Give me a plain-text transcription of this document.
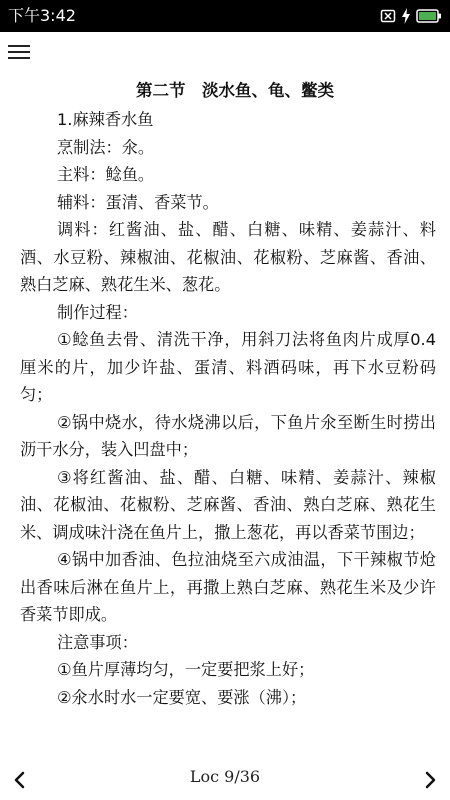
下午3:42
第二节　淡水鱼、龟、鳖类

1.麻辣香水鱼

烹制法：氽。

主料：鲶鱼。

辅料：蛋清、香菜节。

调料：红酱油、盐、醋、白糖、味精、姜蒜汁、料酒、水豆粉、辣椒油、花椒油、花椒粉、芝麻酱、香油、熟白芝麻、熟花生米、葱花。

制作过程：

①鲶鱼去骨、清洗干净，用斜刀法将鱼肉片成厚0.4厘米的片，加少许盐、蛋清、料酒码味，再下水豆粉码匀；

②锅中烧水，待水烧沸以后，下鱼片氽至断生时捞出沥干水分，装入凹盘中；

③将红酱油、盐、醋、白糖、味精、姜蒜汁、辣椒油、花椒油、花椒粉、芝麻酱、香油、熟白芝麻、熟花生米、调成味汁浇在鱼片上，撒上葱花，再以香菜节围边；

④锅中加香油、色拉油烧至六成油温，下干辣椒节炝出香味后淋在鱼片上，再撒上熟白芝麻、熟花生米及少许香菜节即成。

注意事项：

①鱼片厚薄均匀，一定要把浆上好；

②氽水时水一定要宽、要涨（沸）；

Loc 9/36
